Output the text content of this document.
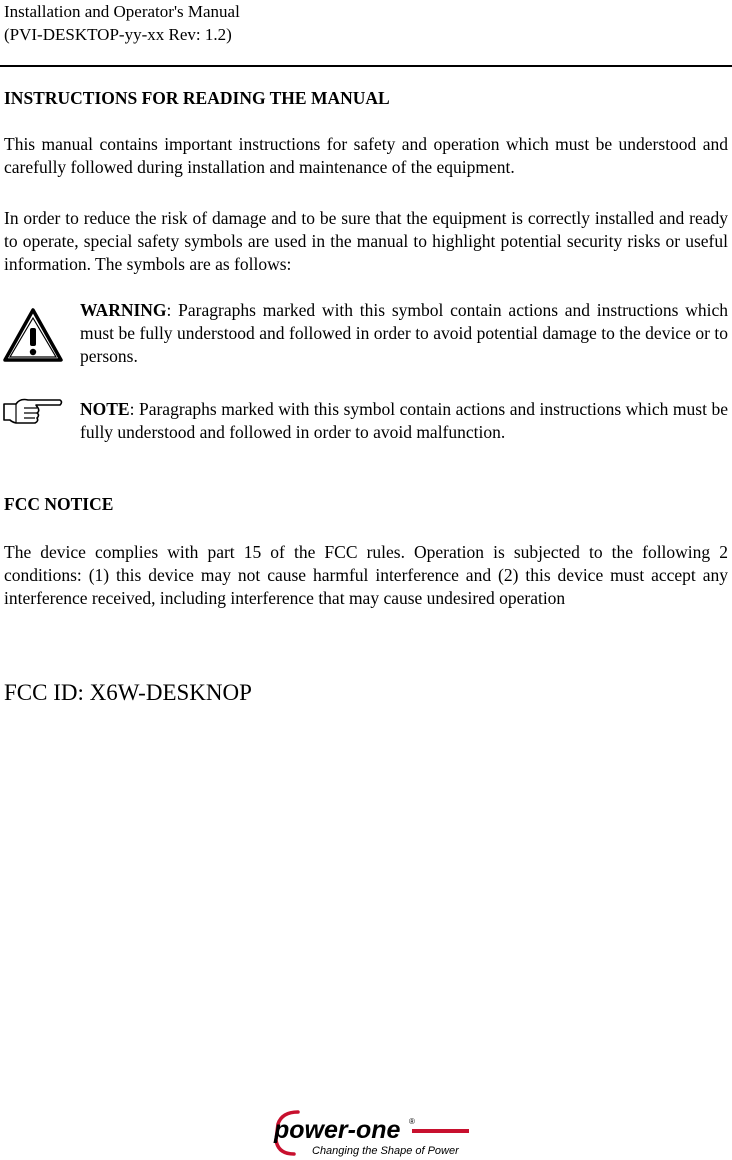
Installation and Operator's Manual
(PVI-DESKTOP-yy-xx Rev: 1.2)
INSTRUCTIONS FOR READING THE MANUAL
This manual contains important instructions for safety and operation which must be understood and carefully followed during installation and maintenance of the equipment.
In order to reduce the risk of damage and to be sure that the equipment is correctly installed and ready to operate, special safety symbols are used in the manual to highlight potential security risks or useful information. The symbols are as follows:
WARNING: Paragraphs marked with this symbol contain actions and instructions which must be fully understood and followed in order to avoid potential damage to the device or to persons.
NOTE: Paragraphs marked with this symbol contain actions and instructions which must be fully understood and followed in order to avoid malfunction.
FCC NOTICE
The device complies with part 15 of the FCC rules. Operation is subjected to the following 2 conditions: (1) this device may not cause harmful interference and (2) this device must accept any interference received, including interference that may cause undesired operation
FCC ID: X6W-DESKNOP
power-one ®
Changing the Shape of Power
